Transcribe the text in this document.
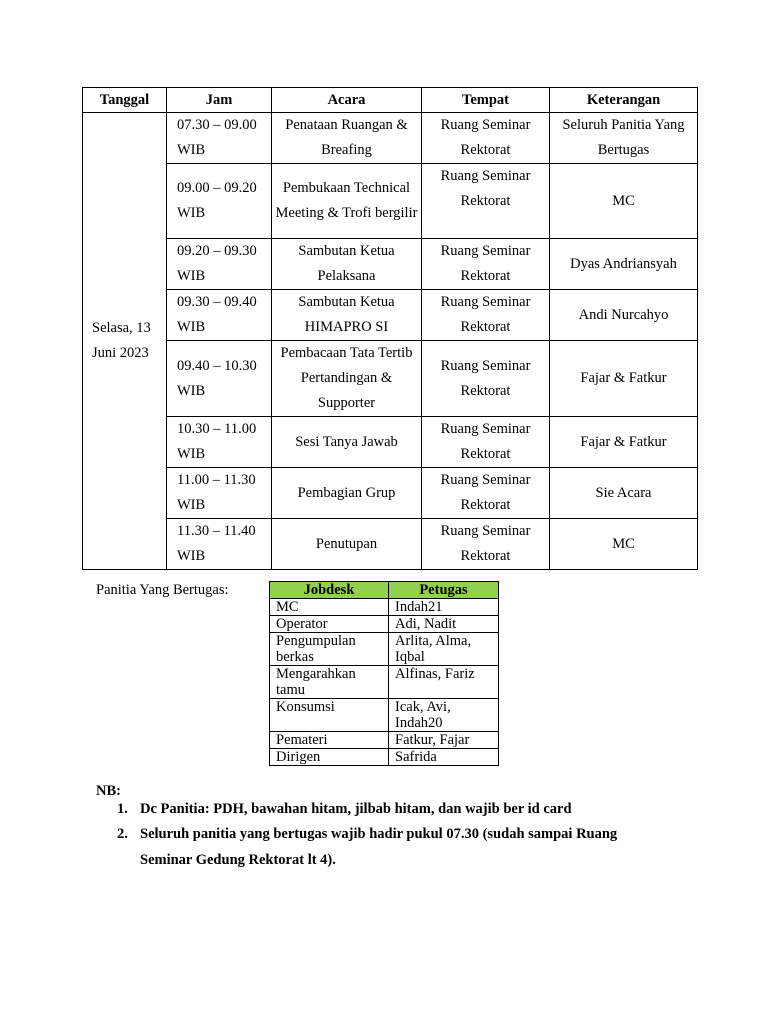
Tanggal	Jam	Acara	Tempat	Keterangan
Selasa, 13 Juni 2023	07.30 – 09.00 WIB	Penataan Ruangan & Breafing	Ruang Seminar Rektorat	Seluruh Panitia Yang Bertugas
	09.00 – 09.20 WIB	Pembukaan Technical Meeting & Trofi bergilir	Ruang Seminar Rektorat	MC
	09.20 – 09.30 WIB	Sambutan Ketua Pelaksana	Ruang Seminar Rektorat	Dyas Andriansyah
	09.30 – 09.40 WIB	Sambutan Ketua HIMAPRO SI	Ruang Seminar Rektorat	Andi Nurcahyo
	09.40 – 10.30 WIB	Pembacaan Tata Tertib Pertandingan & Supporter	Ruang Seminar Rektorat	Fajar & Fatkur
	10.30 – 11.00 WIB	Sesi Tanya Jawab	Ruang Seminar Rektorat	Fajar & Fatkur
	11.00 – 11.30 WIB	Pembagian Grup	Ruang Seminar Rektorat	Sie Acara
	11.30 – 11.40 WIB	Penutupan	Ruang Seminar Rektorat	MC
Panitia Yang Bertugas:	Jobdesk	Petugas
MC	Indah21
Operator	Adi, Nadit
Pengumpulan berkas	Arlita, Alma, Iqbal
Mengarahkan tamu	Alfinas, Fariz
Konsumsi	Icak, Avi, Indah20
Pemateri	Fatkur, Fajar
Dirigen	Safrida
NB:
1. Dc Panitia: PDH, bawahan hitam, jilbab hitam, dan wajib ber id card
2. Seluruh panitia yang bertugas wajib hadir pukul 07.30 (sudah sampai Ruang Seminar Gedung Rektorat lt 4).
